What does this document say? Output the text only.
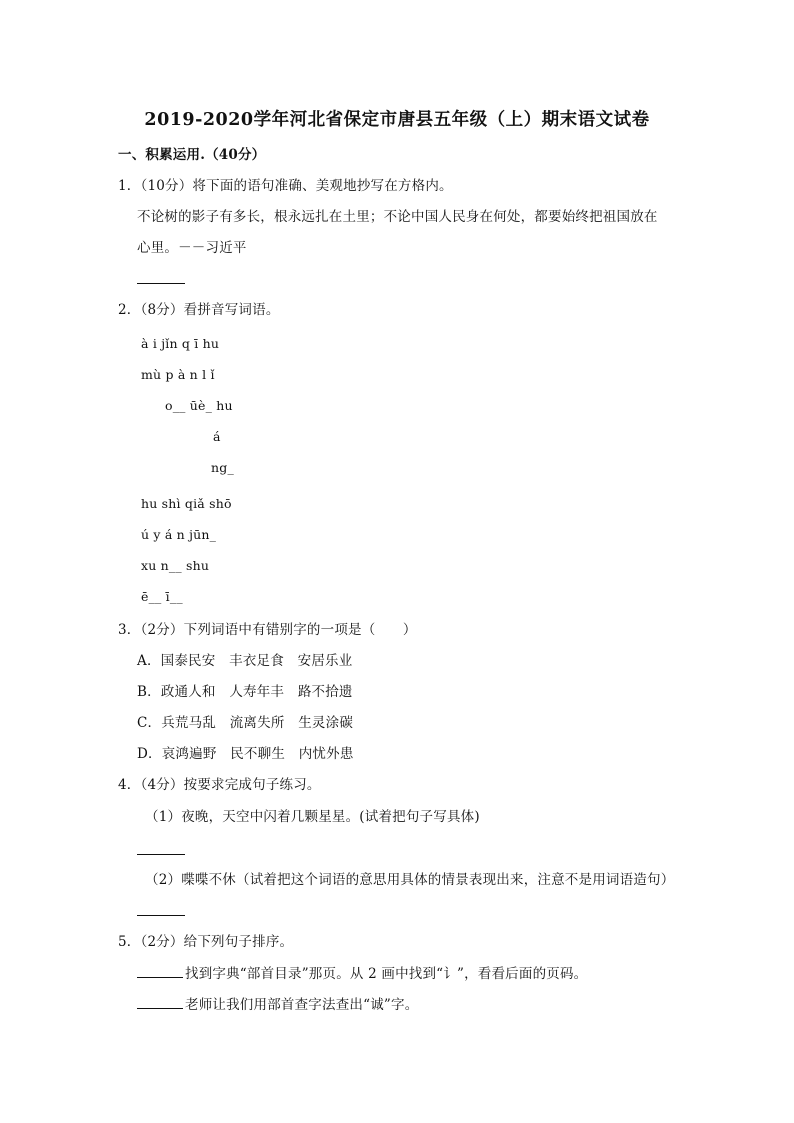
2019-2020学年河北省保定市唐县五年级（上）期末语文试卷
一、积累运用.（40分）
1．（10分）将下面的语句准确、美观地抄写在方格内。
不论树的影子有多长，根永远扎在土里；不论中国人民身在何处，都要始终把祖国放在
心里。－－习近平
2．（8分）看拼音写词语。
à i jǐn q ī hu
mù p à n l ǐ
o__ ūè_ hu
á
ng_
hu shì qiǎ shō
ú y á n jūn_
xu n__ shu
ē__ ī__
3．（2分）下列词语中有错别字的一项是（　　）
A．国泰民安　丰衣足食　安居乐业
B．政通人和　人寿年丰　路不拾遗
C．兵荒马乱　流离失所　生灵涂碳
D．哀鸿遍野　民不聊生　内忧外患
4．（4分）按要求完成句子练习。
（1）夜晚，天空中闪着几颗星星。(试着把句子写具体)
（2）喋喋不休（试着把这个词语的意思用具体的情景表现出来，注意不是用词语造句）
5．（2分）给下列句子排序。
找到字典“部首目录”那页。从 2 画中找到“讠”，看看后面的页码。
老师让我们用部首查字法查出“诚”字。
